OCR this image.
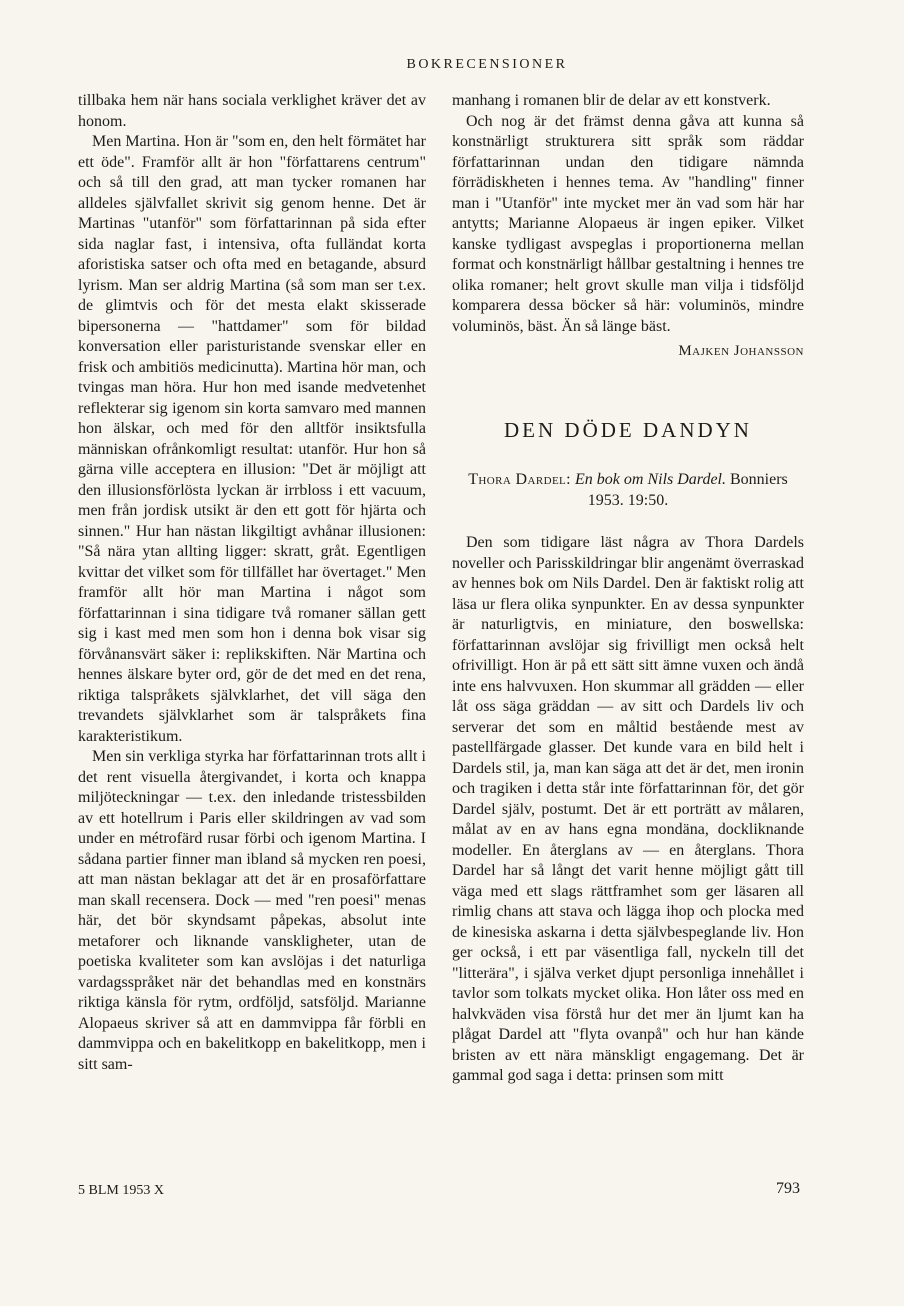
BOKRECENSIONER

tillbaka hem när hans sociala verklighet kräver det av honom.

Men Martina. Hon är "som en, den helt förmätet har ett öde". Framför allt är hon "författarens centrum" och så till den grad, att man tycker romanen har alldeles självfallet skrivit sig genom henne. Det är Martinas "utanför" som författarinnan på sida efter sida naglar fast, i intensiva, ofta fulländat korta aforistiska satser och ofta med en betagande, absurd lyrism. Man ser aldrig Martina (så som man ser t.ex. de glimtvis och för det mesta elakt skisserade bipersonerna — "hattdamer" som för bildad konversation eller paristuristande svenskar eller en frisk och ambitiös medicinutta). Martina hör man, och tvingas man höra. Hur hon med isande medvetenhet reflekterar sig igenom sin korta samvaro med mannen hon älskar, och med för den alltför insiktsfulla människan ofrånkomligt resultat: utanför. Hur hon så gärna ville acceptera en illusion: "Det är möjligt att den illusionsförlösta lyckan är irrbloss i ett vacuum, men från jordisk utsikt är den ett gott för hjärta och sinnen." Hur han nästan likgiltigt avhånar illusionen: "Så nära ytan allting ligger: skratt, gråt. Egentligen kvittar det vilket som för tillfället har övertaget." Men framför allt hör man Martina i något som författarinnan i sina tidigare två romaner sällan gett sig i kast med men som hon i denna bok visar sig förvånansvärt säker i: replikskiften. När Martina och hennes älskare byter ord, gör de det med en det rena, riktiga talspråkets självklarhet, det vill säga den trevandets självklarhet som är talspråkets fina karakteristikum.

Men sin verkliga styrka har författarinnan trots allt i det rent visuella återgivandet, i korta och knappa miljöteckningar — t.ex. den inledande tristessbilden av ett hotellrum i Paris eller skildringen av vad som under en métrofärd rusar förbi och igenom Martina. I sådana partier finner man ibland så mycken ren poesi, att man nästan beklagar att det är en prosaförfattare man skall recensera. Dock — med "ren poesi" menas här, det bör skyndsamt påpekas, absolut inte metaforer och liknande vanskligheter, utan de poetiska kvaliteter som kan avslöjas i det naturliga vardagsspråket när det behandlas med en konstnärs riktiga känsla för rytm, ordföljd, satsföljd. Marianne Alopaeus skriver så att en dammvippa får förbli en dammvippa och en bakelitkopp en bakelitkopp, men i sitt sam-

manhang i romanen blir de delar av ett konstverk.

Och nog är det främst denna gåva att kunna så konstnärligt strukturera sitt språk som räddar författarinnan undan den tidigare nämnda förrädiskheten i hennes tema. Av "handling" finner man i "Utanför" inte mycket mer än vad som här har antytts; Marianne Alopaeus är ingen epiker. Vilket kanske tydligast avspeglas i proportionerna mellan format och konstnärligt hållbar gestaltning i hennes tre olika romaner; helt grovt skulle man vilja i tidsföljd komparera dessa böcker så här: voluminös, mindre voluminös, bäst. Än så länge bäst.

Majken Johansson
DEN DÖDE DANDYN
Thora Dardel: En bok om Nils Dardel. Bonniers 1953. 19:50.

Den som tidigare läst några av Thora Dardels noveller och Parisskildringar blir angenämt överraskad av hennes bok om Nils Dardel. Den är faktiskt rolig att läsa ur flera olika synpunkter. En av dessa synpunkter är naturligtvis, en miniature, den boswellska: författarinnan avslöjar sig frivilligt men också helt ofrivilligt. Hon är på ett sätt sitt ämne vuxen och ändå inte ens halvvuxen. Hon skummar all grädden — eller låt oss säga gräddan — av sitt och Dardels liv och serverar det som en måltid bestående mest av pastellfärgade glasser. Det kunde vara en bild helt i Dardels stil, ja, man kan säga att det är det, men ironin och tragiken i detta står inte författarinnan för, det gör Dardel själv, postumt. Det är ett porträtt av målaren, målat av en av hans egna mondäna, dockliknande modeller. En återglans av — en återglans. Thora Dardel har så långt det varit henne möjligt gått till väga med ett slags rättframhet som ger läsaren all rimlig chans att stava och lägga ihop och plocka med de kinesiska askarna i detta självbespeglande liv. Hon ger också, i ett par väsentliga fall, nyckeln till det "litterära", i själva verket djupt personliga innehållet i tavlor som tolkats mycket olika. Hon låter oss med en halvkväden visa förstå hur det mer än ljumt kan ha plågat Dardel att "flyta ovanpå" och hur han kände bristen av ett nära mänskligt engagemang. Det är gammal god saga i detta: prinsen som mitt

5 BLM 1953 X	793
